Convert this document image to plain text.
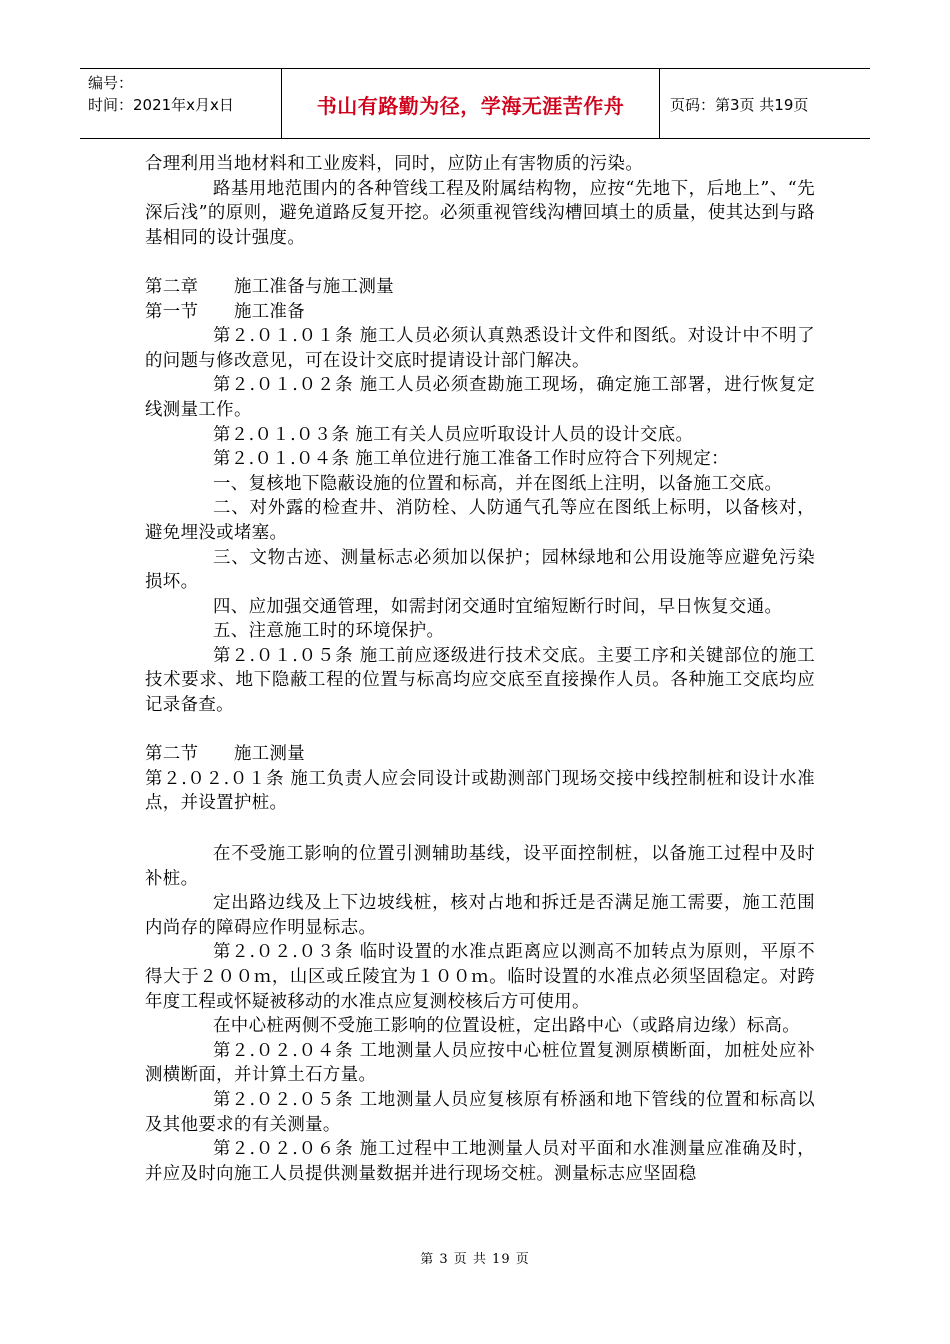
编号：
时间：2021年x月x日	书山有路勤为径，学海无涯苦作舟	页码：第3页 共19页

合理利用当地材料和工业废料，同时，应防止有害物质的污染。

路基用地范围内的各种管线工程及附属结构物，应按“先地下，后地上”、“先深后浅”的原则，避免道路反复开挖。必须重视管线沟槽回填土的质量，使其达到与路基相同的设计强度。

第二章      施工准备与施工测量

第一节      施工准备

第２.０１.０１条 施工人员必须认真熟悉设计文件和图纸。对设计中不明了的问题与修改意见，可在设计交底时提请设计部门解决。

第２.０１.０２条 施工人员必须查勘施工现场，确定施工部署，进行恢复定线测量工作。

第２.０１.０３条 施工有关人员应听取设计人员的设计交底。

第２.０１.０４条 施工单位进行施工准备工作时应符合下列规定：

一、复核地下隐蔽设施的位置和标高，并在图纸上注明，以备施工交底。

二、对外露的检查井、消防栓、人防通气孔等应在图纸上标明，以备核对，避免埋没或堵塞。

三、文物古迹、测量标志必须加以保护；园林绿地和公用设施等应避免污染损坏。

四、应加强交通管理，如需封闭交通时宜缩短断行时间，早日恢复交通。

五、注意施工时的环境保护。

第２.０１.０５条 施工前应逐级进行技术交底。主要工序和关键部位的施工技术要求、地下隐蔽工程的位置与标高均应交底至直接操作人员。各种施工交底均应记录备查。

第二节      施工测量

第２.０２.０１条 施工负责人应会同设计或勘测部门现场交接中线控制桩和设计水准点，并设置护桩。

在不受施工影响的位置引测辅助基线，设平面控制桩，以备施工过程中及时补桩。

定出路边线及上下边坡线桩，核对占地和拆迁是否满足施工需要，施工范围内尚存的障碍应作明显标志。

第２.０２.０３条 临时设置的水准点距离应以测高不加转点为原则，平原不得大于２００ｍ，山区或丘陵宜为１００ｍ。临时设置的水准点必须坚固稳定。对跨年度工程或怀疑被移动的水准点应复测校核后方可使用。

在中心桩两侧不受施工影响的位置设桩，定出路中心（或路肩边缘）标高。

第２.０２.０４条 工地测量人员应按中心桩位置复测原横断面，加桩处应补测横断面，并计算土石方量。

第２.０２.０５条 工地测量人员应复核原有桥涵和地下管线的位置和标高以及其他要求的有关测量。

第２.０２.０６条 施工过程中工地测量人员对平面和水准测量应准确及时，并应及时向施工人员提供测量数据并进行现场交桩。测量标志应坚固稳

第 3 页 共 19 页
